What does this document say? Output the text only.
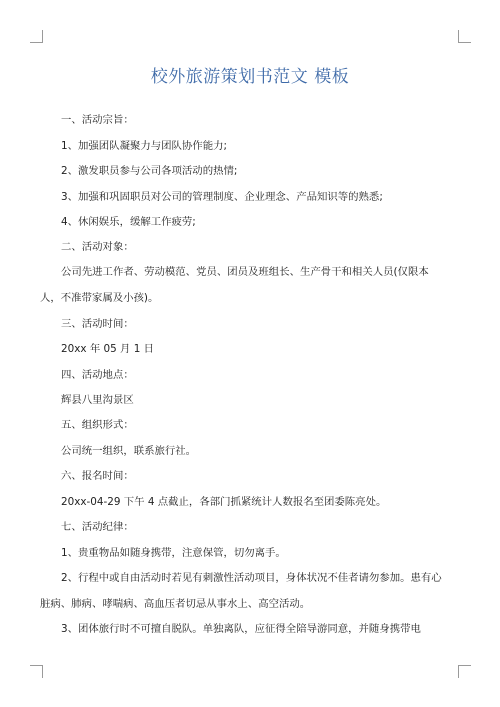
校外旅游策划书范文 模板
一、活动宗旨：
1、加强团队凝聚力与团队协作能力;
2、激发职员参与公司各项活动的热情;
3、加强和巩固职员对公司的管理制度、企业理念、产品知识等的熟悉;
4、休闲娱乐，缓解工作疲劳;
二、活动对象：
公司先进工作者、劳动模范、党员、团员及班组长、生产骨干和相关人员(仅限本人，不准带家属及小孩)。
三、活动时间：
20xx 年 05 月 1 日
四、活动地点：
辉县八里沟景区
五、组织形式：
公司统一组织，联系旅行社。
六、报名时间：
20xx-04-29 下午 4 点截止，各部门抓紧统计人数报名至团委陈亮处。
七、活动纪律：
1、贵重物品如随身携带，注意保管，切勿离手。
2、行程中或自由活动时若见有刺激性活动项目，身体状况不佳者请勿参加。患有心脏病、肺病、哮喘病、高血压者切忌从事水上、高空活动。
3、团体旅行时不可擅自脱队。单独离队，应征得全陪导游同意，并随身携带电
